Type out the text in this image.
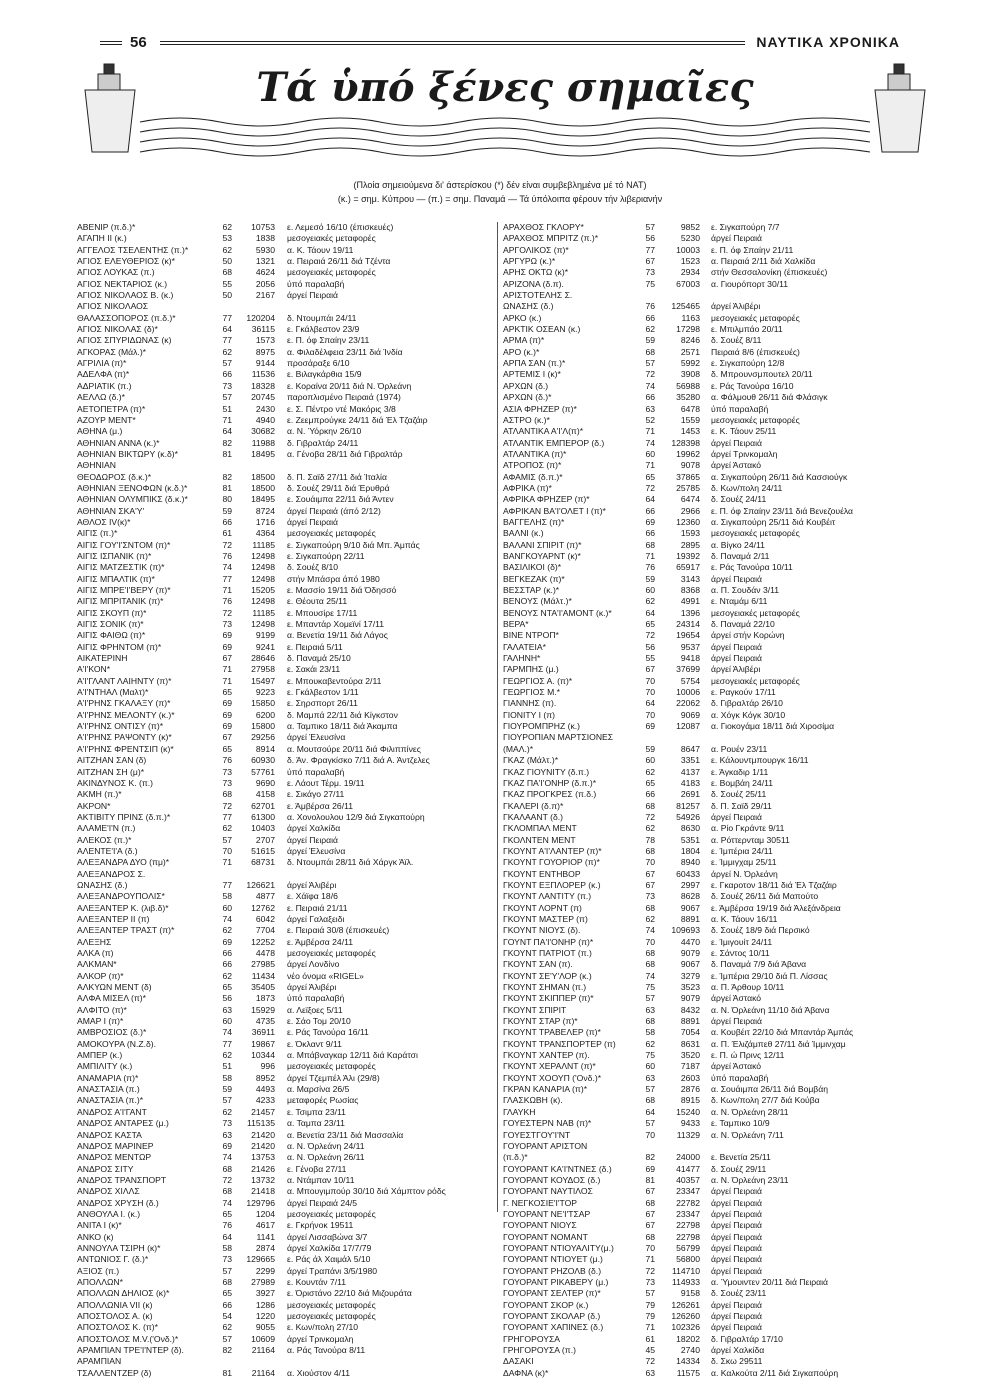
56	ΝΑΥΤΙΚΑ ΧΡΟΝΙΚΑ
Τά ὑπό ξένες σημαῖες
(Πλοία σημειούμενα δι' άστερίσκου (*) δέν είναι συμβεβλημένα μέ τό ΝΑΤ)
(κ.) = σημ. Κύπρου — (π.) = σημ. Παναμά — Τά ύπόλοιπα φέρουν τήν λιβεριανήν
ΑΒΕΝΙΡ (π.δ.)*	62	10753 ε. Λεμεσό 16/10 (έπισκευές)
ΑΓΑΠΗ ΙΙ (κ.)	53	1838 μεσογειακές μεταφορές
ΑΓΓΕΛΟΣ ΤΣΕΛΕΝΤΗΣ (π.)*	62	5930 α. Κ. Τάουν 19/11
ΑΓΙΟΣ ΕΛΕΥΘΕΡΙΟΣ (κ)*	50	1321 α. Πειραιά 26/11 διά Τζέντα
ΑΓΙΟΣ ΛΟΥΚΑΣ (π.)	68	4624 μεσογειακές μεταφορές
ΑΓΙΟΣ ΝΕΚΤΑΡΙΟΣ (κ.)	55	2056 ύπό παραλαβή
ΑΓΙΟΣ ΝΙΚΟΛΑΟΣ Β. (κ.)	50	2167 άργεί Πειραιά
ΑΓΙΟΣ ΝΙΚΟΛΑΟΣ
ΘΑΛΑΣΣΟΠΟΡΟΣ (π.δ.)*	77	120204 δ. Ντουμπάι 24/11
ΑΓΙΟΣ ΝΙΚΟΛΑΣ (δ)*	64	36115 ε. Γκάλβεστον 23/9
ΑΓΙΟΣ ΣΠΥΡΙΔΩΝΑΣ (κ)	77	1573 ε. Π. όφ Σπαίην 23/11
ΑΓΚΟΡΑΣ (Μάλ.)*	62	8975 α. Φιλαδέλφεια 23/11 διά Ίνδία
ΑΓΡΙΛΙΑ (π)*	57	9144 προσάραξε 6/10
ΑΔΕΛΦΑ (π)*	66	11536 ε. Βιλαγκάρθια 15/9
ΑΔΡΙΑΤΙΚ (π.)	73	18328 ε. Κοραίνα 20/11 διά Ν. Όρλεάνη
ΑΕΛΛΩ (δ.)*	57	20745 παροπλισμένο Πειραιά (1974)
ΑΕΤΟΠΕΤΡΑ (π)*	51	2430 ε. Σ. Πέντρο ντέ Μακόρις 3/8
ΑΖΟΥΡ ΜΕΝΤ*	71	4940 ε. Ζεεμπρούγκε 24/11 διά Έλ Τζαζάιρ
ΑΘΗΝΑ (μ.)	64	30682 α. Ν. Ύόρκην 26/10
ΑΘΗΝΙΑΝ ΑΝΝΑ (κ.)*	82	11988 δ. Γιβραλτάρ 24/11
ΑΘΗΝΙΑΝ ΒΙΚΤΩΡΥ (κ.δ)*	81	18495 α. Γένοβα 28/11 διά Γιβραλτάρ
ΑΘΗΝΙΑΝ
ΘΕΟΔΩΡΟΣ (δ.κ.)*	82	18500 δ. Π. Σαϊδ 27/11 διά Ίταλία
ΑΘΗΝΙΑΝ ΞΕΝΟΦΩΝ (κ.δ.)*	81	18500 δ. Σουέζ 29/11 διά Έρυθρά
ΑΘΗΝΙΑΝ ΟΛΥΜΠΙΚΣ (δ.κ.)*	80	18495 ε. Σουάιμπα 22/11 διά Άντεν
ΑΘΗΝΙΑΝ ΣΚΑ'Υ'	59	8724 άργεί Πειραιά (άπό 2/12)
ΑΘΛΟΣ IV(κ)*	66	1716 άργεί Πειραιά
ΑΙΓΙΣ (π.)*	61	4364 μεσογειακές μεταφορές
ΑΙΓΙΣ ΓΟΥ'Ι'ΣΝΤΟΜ (π)*	72	11185 ε. Σιγκαπούρη 9/10 διά Μπ. Άμπάς
ΑΙΓΙΣ ΙΣΠΑΝΙΚ (π)*	76	12498 ε. Σιγκαπούρη 22/11
ΑΙΓΙΣ ΜΑΤΖΕΣΤΙΚ (π)*	74	12498 δ. Σουέζ 8/10
ΑΙΓΙΣ ΜΠΑΛΤΙΚ (π)*	77	12498 στήν Μπάσρα άπό 1980
ΑΙΓΙΣ ΜΠΡΕ'Ι'ΒΕΡΥ (π)*	71	15205 ε. Μασσίο 19/11 διά Όδησσό
ΑΙΓΙΣ ΜΠΡΙΤΑΝΙΚ (π)*	76	12498 ε. Θέουτα 25/11
ΑΙΓΙΣ ΣΚΟΥΠ (π)*	72	11185 ε. Μπουσίρε 17/11
ΑΙΓΙΣ ΣΟΝΙΚ (π)*	73	12498 ε. Μπαντάρ Χομεϊνί 17/11
ΑΙΓΙΣ ΦΑΙΘΩ (π)*	69	9199 α. Βενετία 19/11 διά Λάγος
ΑΙΓΙΣ ΦΡΗΝΤΟΜ (π)*	69	9241 ε. Πειραιά 5/11
ΑΙΚΑΤΕΡΙΝΗ	67	28646 δ. Παναμά 25/10
Α'Ι'ΚΟΝ*	71	27958 ε. Σακάι 23/11
Α'Ι'ΓΛΑΝΤ ΛΑΙΗΝΤΥ (π)*	71	15497 ε. Μπουκαβεντούρα 2/11
Α'Ι'ΝΤΗΑΛ (Μαλτ)*	65	9223 ε. Γκάλβεστον 1/11
Α'Ι'ΡΗΝΣ ΓΚΑΛΑΞΥ (π)*	69	15850 ε. Σηρσπορτ 26/11
Α'Ι'ΡΗΝΣ ΜΕΛΟΝΤΥ (κ.)*	69	6200 δ. Μαμπά 22/11 διά Κίγκστον
Α'Ι'ΡΗΝΣ ΟΝΤΙΣΥ (π)*	69	15800 α. Ταμπικο 18/11 διά Άκαμπα
Α'Ι'ΡΗΝΣ ΡΑΨΟΝΤΥ (κ)*	67	29256 άργεί Έλευσίνα
Α'Ι'ΡΗΝΣ ΦΡΕΝΤΣΙΠ (κ)*	65	8914 α. Μουτσούρε 20/11 διά Φιλιππίνες
ΑΙΤΖΗΑΝ ΣΑΝ (δ)	76	60930 δ. Άν. Φραγκίσκο 7/11 διά Α. Άντζελες
ΑΙΤΖΗΑΝ ΣΗ (μ)*	73	57761 ύπό παραλαβή
ΑΚΙΝΔΥΝΟΣ Κ. (π.)	73	9690 ε. Λάουτ Τέρμ. 19/11
ΑΚΜΗ (π.)*	68	4158 ε. Σικάγο 27/11
ΑΚΡΟΝ*	72	62701 ε. Άμβέρσα 26/11
ΑΚΤΙΒΙΤΥ ΠΡΙΝΣ (δ.π.)*	77	61300 α. Χονολουλου 12/9 διά Σιγκαπούρη
ΑΛΑΜΕ'Ι'Ν (π.)	62	10403 άργεί Χαλκίδα
ΑΛΕΚΟΣ (π.)*	57	2707 άργεί Πειραιά
ΑΛΕΝΤΕ'Ι'Α (δ.)	70	51615 άργεί Έλευσίνα
ΑΛΕΞΑΝΔΡΑ ΔΥΟ (πμ)*	71	68731 δ. Ντουμπάι 28/11 διά Χάργκ Άϊλ.
ΑΛΕΞΑΝΔΡΟΣ Σ.
ΩΝΑΣΗΣ (δ.)	77	126621 άργεί Άλιβέρι
ΑΛΕΞΑΝΔΡΟΥΠΟΛΙΣ*	58	4877 ε. Χάϊφα 18/6
ΑΛΕΞΑΝΤΕΡ Κ. (λιβ.δ)*	60	12762 ε. Πειραιά 21/11
ΑΛΕΞΑΝΤΕΡ ΙΙ (π)	74	6042 άργεί Γαλαξειδι
ΑΛΕΞΑΝΤΕΡ ΤΡΑΣΤ (π)*	62	7704 ε. Πειραιά 30/8 (έπισκευές)
ΑΛΕΞΗΣ	69	12252 ε. Άμβέρσα 24/11
ΑΛΚΑ (π)	66	4478 μεσογειακές μεταφορές
ΑΛΚΜΑΝ*	66	27985 άργεί Λονδίνο
ΑΛΚΟΡ (π)*	62	11434 νέο όνομα «RIGEL»
ΑΛΚΥΩΝ ΜΕΝΤ (δ)	65	35405 άργεί Άλιβέρι
ΑΛΦΑ ΜΙΣΕΛ (π)*	56	1873 ύπό παραλαβή
ΑΛΦΙΤΟ (π)*	63	15929 α. Λεϊξοες 5/11
ΑΜΑΡ Ι (π)*	60	4735 ε. Σάο Τομ 20/10
ΑΜΒΡΟΣΙΟΣ (δ.)*	74	36911 ε. Ράς Τανούρα 16/11
ΑΜΟΚΟΥΡΑ (Ν.Ζ.δ).	77	19867 ε. Όκλαντ 9/11
ΑΜΠΕΡ (κ.)	62	10344 α. Μπάβναγκαρ 12/11 διά Καράτσι
ΑΜΠΙΛΙΤΥ (κ.)	51	996 μεσογειακές μεταφορές
ΑΝΑΜΑΡΙΑ (π)*	58	8952 άργεί Τζεμπέλ Άλι (29/8)
ΑΝΑΣΤΑΣΙΑ (π.)	59	4493 α. Μαρσίνα 26/5
ΑΝΑΣΤΑΣΙΑ (π.)*	57	4233 μεταφορές Ρωσίας
ΑΝΔΡΟΣ Α'Ι'ΓΑΝΤ	62	21457 ε. Τσιμπα 23/11
ΑΝΔΡΟΣ ΑΝΤΑΡΕΣ (μ.)	73	115135 α. Ταμπα 23/11
ΑΝΔΡΟΣ ΚΑΣΤΑ	63	21420 α. Βενετία 23/11 διά Μασσαλία
ΑΝΔΡΟΣ ΜΑΡΙΝΕΡ	69	21420 α. Ν. Όρλεάνη 24/11
ΑΝΔΡΟΣ ΜΕΝΤΩΡ	74	13753 α. Ν. Όρλεάνη 26/11
ΑΝΔΡΟΣ ΣΙΤΥ	68	21426 ε. Γένοβα 27/11
ΑΝΔΡΟΣ ΤΡΑΝΣΠΟΡΤ	72	13732 α. Ντάμπαν 10/11
ΑΝΔΡΟΣ ΧΙΛΛΣ	68	21418 α. Μπουγιμπούρ 30/10 διά Χάμπτον ρόδς
ΑΝΔΡΟΣ ΧΡΥΣΗ (δ.)	74	129796 άργεί Πειραιά 24/5
ΑΝΘΟΥΛΑ Ι. (κ.)	65	1204 μεσογειακές μεταφορές
ΑΝΙΤΑ Ι (κ)*	76	4617 ε. Γκρήνοκ 19511
ΑΝΚΟ (κ)	64	1141 άργεί Λισσαβώνα 3/7
ΑΝΝΟΥΛΑ ΤΣΙΡΗ (κ)*	58	2874 άργεί Χαλκίδα 17/7/79
ΑΝΤΩΝΙΟΣ Γ. (δ.)*	73	129665 ε. Ράς άλ Χαιμάλ 5/10
ΑΞΙΟΣ (π.)	57	2299 άργεί Τραπάνι 3/5/1980
ΑΠΟΛΛΩΝ*	68	27989 ε. Κουντάν 7/11
ΑΠΟΛΛΩΝ ΔΗΛΙΟΣ (κ)*	65	3927 ε. Όριστάνο 22/10 διά Μιζουράτα
ΑΠΟΛΛΩΝΙΑ VII (κ)	66	1286 μεσογειακές μεταφορές
ΑΠΟΣΤΟΛΟΣ Α. (κ)	54	1220 μεσογειακές μεταφορές
ΑΠΟΣΤΟΛΟΣ Κ. (π)*	62	9055 ε. Κων/πολη 27/10
ΑΠΟΣΤΟΛΟΣ Μ.V.('Ονδ.)*	57	10609 άργεί Τρινκομαλη
ΑΡΑΜΠΙΑΝ ΤΡΕ'Ι'ΝΤΕΡ (δ).	82	21164 α. Ράς Τανούρα 8/11
ΑΡΑΜΠΙΑΝ
ΤΣΑΛΛΕΝΤΖΕΡ (δ)	81	21164 α. Χιούστον 4/11
ΑΡΑΧΘΟΣ ΓΚΛΟΡΥ*	57	9852 ε. Σιγκαπούρη 7/7
ΑΡΑΧΘΟΣ ΜΠΡΙΤΖ (π.)*	56	5230 άργεί Πειραιά
ΑΡΓΟΛΙΚΟΣ (π)*	77	10003 ε. Π. όφ Σπαίην 21/11
ΑΡΓΥΡΩ (κ.)*	67	1523 α. Πειραιά 2/11 διά Χαλκίδα
ΑΡΗΣ ΟΚΤΩ (κ)*	73	2934 στήν Θεσσαλονίκη (έπισκευές)
ΑΡΙΖΟΝΑ (δ.π).	75	67003 α. Γιουρόπορτ 30/11
ΑΡΙΣΤΟΤΕΛΗΣ Σ.
ΩΝΑΣΗΣ (δ.)	76	125465 άργεί Άλιβέρι
ΑΡΚΟ (κ.)	66	1163 μεσογειακές μεταφορές
ΑΡΚΤΙΚ ΟΣΕΑΝ (κ.)	62	17298 ε. Μπιλμπάο 20/11
ΑΡΜΑ (π)*	59	8246 δ. Σουέζ 8/11
ΑΡΟ (κ.)*	68	2571 Πειραιά 8/6 (έπισκευές)
ΑΡΠΑ ΣΑΝ (π.)*	57	5992 ε. Σιγκαπούρη 12/8
ΑΡΤΕΜΙΣ Ι (κ)*	72	3908 δ. Μπρουνσμπουτελ 20/11
ΑΡΧΩΝ (δ.)	74	56988 ε. Ράς Τανούρα 16/10
ΑΡΧΩΝ (δ.)*	66	35280 α. Φάλμουθ 26/11 διά Φλάσιγκ
ΑΣΙΑ ΦΡΗΖΕΡ (π)*	63	6478 ύπό παραλαβή
ΑΣΤΡΟ (κ.)*	52	1559 μεσογειακές μεταφορές
ΑΤΛΑΝΤΙΚΑ Α'Ι'Λ(π)*	71	1453 ε. Κ. Τάουν 25/11
ΑΤΛΑΝΤΙΚ ΕΜΠΕΡΟΡ (δ.)	74	128398 άργεί Πειραιά
ΑΤΛΑΝΤΙΚΑ (π)*	60	19962 άργεί Τρινκομαλη
ΑΤΡΟΠΟΣ (π)*	71	9078 άργεί Άστακό
ΑΦΑΜΙΣ (δ.π.)*	65	37865 α. Σιγκαπούρη 26/11 διά Κασσιούγκ
ΑΦΡΙΚΑ (π)*	72	25785 δ. Κων/πολη 24/11
ΑΦΡΙΚΑ ΦΡΗΖΕΡ (π)*	64	6474 δ. Σουέζ 24/11
ΑΦΡΙΚΑΝ ΒΑ'Ι'ΟΛΕΤ Ι (π)*	66	2966 ε. Π. όφ Σπαίην 23/11 διά Βενεζουέλα
ΒΑΓΓΕΛΗΣ (π)*	69	12360 α. Σιγκαπούρη 25/11 διά Κουβέιτ
ΒΑΛΝΙ (κ.)	66	1593 μεσογειακές μεταφορές
ΒΑΛΑΝΙ ΣΠΙΡΙΤ (π)*	68	2895 α. Βίγκο 24/11
ΒΑΝΓΚΟΥΑΡΝΤ (κ)*	71	19392 δ. Παναμά 2/11
ΒΑΣΙΛΙΚΟΙ (δ)*	76	65917 ε. Ράς Τανούρα 10/11
ΒΕΓΚΕΖΑΚ (π)*	59	3143 άργεί Πειραιά
ΒΕΣΣΤΑΡ (κ.)*	60	8368 α. Π. Σουδάν 3/11
ΒΕΝΟΥΣ (Μάλτ.)*	62	4991 ε. Νταμάμ 6/11
ΒΕΝΟΥΣ ΝΤΑ'Ι'ΑΜΟΝΤ (κ.)*	64	1396 μεσογειακές μεταφορές
ΒΕΡΑ*	65	24314 δ. Παναμά 22/10
ΒΙΝΕ ΝΤΡΟΠ*	72	19654 άργεί στήν Κορώνη
ΓΑΛΑΤΕΙΑ*	56	9537 άργεί Πειραιά
ΓΑΛΗΝΗ*	55	9418 άργεί Πειραιά
ΓΑΡΜΠΗΣ (μ.)	67	37699 άργεί Άλιβέρι
ΓΕΩΡΓΙΟΣ Α. (π)*	70	5754 μεσογειακές μεταφορές
ΓΕΩΡΓΙΟΣ Μ.*	70	10006 ε. Ραγκούν 17/11
ΓΙΑΝΝΗΣ (π).	64	22062 δ. Γιβραλτάρ 26/10
ΓΙΟΝΙΤΥ Ι (π)	70	9069 α. Χόγκ Κόγκ 30/10
ΓΙΟΥΡΟΜΠΡΗΖ (κ.)	69	12087 α. Γιοκογάμα 18/11 διά Χιροσίμα
ΓΙΟΥΡΟΠΙΑΝ ΜΑΡΤΣΙΟΝΕΣ
(ΜΑΛ.)*	59	8647 α. Ρουέν 23/11
ΓΚΑΖ (Μάλτ.)*	60	3351 ε. Κάλουντμπουργκ 16/11
ΓΚΑΖ ΓΙΟΥΝΙΤΥ (δ.π.)	62	4137 ε. Άγκαδιρ 1/11
ΓΚΑΖ ΠΑ'Ι'ΟΝΗΡ (δ.π.)*	65	4183 ε. Βομβάη 24/11
ΓΚΑΖ ΠΡΟΓΚΡΕΣ (π.δ.)	66	2691 δ. Σουέζ 25/11
ΓΚΑΛΕΡΙ (δ.π)*	68	81257 δ. Π. Σαϊδ 29/11
ΓΚΑΛΑΑΝΤ (δ.)	72	54926 άργεί Πειραιά
ΓΚΛΟΜΠΑΛ ΜΕΝΤ	62	8630 α. Ρίο Γκράντε 9/11
ΓΚΟΛΝΤΕΝ ΜΕΝΤ	78	5351 α. Ρόττερνταμ 30511
ΓΚΟΥΝΤ Α'Ι'ΛΑΝΤΕΡ (π)*	68	1804 ε. Ίμπέρια 24/11
ΓΚΟΥΝΤ ΓΟΥΟΡΙΟΡ (π)*	70	8940 ε. Ίμμιγχαμ 25/11
ΓΚΟΥΝΤ ΕΝΤΗΒΟΡ	67	60433 άργεί Ν. Όρλεάνη
ΓΚΟΥΝΤ ΕΞΠΛΟΡΕΡ (κ.)	67	2997 ε. Γκαροτον 18/11 διά Έλ Τζαζάιρ
ΓΚΟΥΝΤ ΛΑΝΤΙΤΥ (π.)	73	8628 δ. Σουέζ 26/11 διά Μαπούτο
ΓΚΟΥΝΤ ΛΟΡΝΤ (π)	68	9067 ε. Άμβέρσα 19/19 διά Άλεξάνδρεια
ΓΚΟΥΝΤ ΜΑΣΤΕΡ (π)	62	8891 α. Κ. Τάουν 16/11
ΓΚΟΥΝΤ ΝΙΟΥΣ (δ).	74	109693 δ. Σουέζ 18/9 διά Περσικό
ΓΟΥΝΤ ΠΑ'Ι'ΟΝΗΡ (π)*	70	4470 ε. Ίμιγουίτ 24/11
ΓΚΟΥΝΤ ΠΑΤΡΙΟΤ (π.)	68	9079 ε. Σάντος 10/11
ΓΚΟΥΝΤ ΣΑΝ (π).	68	9067 δ. Παναμά 7/9 διά Άβανα
ΓΚΟΥΝΤ ΣΕ'Υ'ΛΟΡ (κ.)	74	3279 ε. Ίμπέρια 29/10 διά Π. Λίσσας
ΓΚΟΥΝΤ ΣΗΜΑΝ (π.)	75	3523 α. Π. Άρθουρ 10/11
ΓΚΟΥΝΤ ΣΚΙΠΠΕΡ (π)*	57	9079 άργεί Άστακό
ΓΚΟΥΝΤ ΣΠΙΡΙΤ	63	8432 α. Ν. Όρλεάνη 11/10 διά Άβανα
ΓΚΟΥΝΤ ΣΤΑΡ (π)*	68	8891 άργεί Πειραιά
ΓΚΟΥΝΤ ΤΡΑΒΕΛΕΡ (π)*	58	7054 α. Κουβέιτ 22/10 διά Μπαντάρ Άμπάς
ΓΚΟΥΝΤ ΤΡΑΝΣΠΟΡΤΕΡ (π)	62	8631 α. Π. Έλιζάμπεθ 27/11 διά Ίμμινχαμ
ΓΚΟΥΝΤ ΧΑΝΤΕΡ (π).	75	3520 ε. Π. ώ Πρινς 12/11
ΓΚΟΥΝΤ ΧΕΡΑΛΝΤ (π)*	60	7187 άργεί Άστακό
ΓΚΟΥΝΤ ΧΟΟΥΠ ('Ονδ.)*	63	2603 ύπό παραλαβή
ΓΚΡΑΝ ΚΑΝΑΡΙΑ (π)*	57	2876 α. Σουάιμπα 26/11 διά Βομβάη
ΓΛΑΣΚΩΒΗ (κ).	68	8915 δ. Κων/πολη 27/7 διά Κούβα
ΓΛΑΥΚΗ	64	15240 α. Ν. Όρλεάνη 28/11
ΓΟΥΕΣΤΕΡΝ ΝΑΒ (π)*	57	9433 ε. Ταμπικο 10/9
ΓΟΥΕΣΤΓΟΥ'Ι'ΝΤ	70	11329 α. Ν. Όρλεάνη 7/11
ΓΟΥΟΡΑΝΤ ΑΡΙΣΤΟΝ
(π.δ.)*	82	24000 ε. Βενετία 25/11
ΓΟΥΟΡΑΝΤ ΚΑ'Ι'ΝΤΝΕΣ (δ.)	69	41477 δ. Σουέζ 29/11
ΓΟΥΟΡΑΝΤ ΚΟΥΔΟΣ (δ.)	81	40357 α. Ν. Όρλεάνη 23/11
ΓΟΥΟΡΑΝΤ ΝΑΥΤΙΛΟΣ	67	23347 άργεί Πειραιά
Γ. ΝΕΓΚΟΣΙΕ'Ι'ΤΟΡ	68	22782 άργεί Πειραιά
ΓΟΥΟΡΑΝΤ ΝΕ'Ι'ΤΣΑΡ	67	23347 άργεί Πειραιά
ΓΟΥΟΡΑΝΤ ΝΙΟΥΣ	67	22798 άργεί Πειραιά
ΓΟΥΟΡΑΝΤ ΝΟΜΑΝΤ	68	22798 άργεί Πειραιά
ΓΟΥΟΡΑΝΤ ΝΤΙΟΥΑΛΙΤΥ(μ.)	70	56799 άργεί Πειραιά
ΓΟΥΟΡΑΝΤ ΝΤΙΟΥΕΤ (μ.)	71	56800 άργεί Πειραιά
ΓΟΥΟΡΑΝΤ ΡΗΖΟΛΒ (δ.)	72	114710 άργεί Πειραιά
ΓΟΥΟΡΑΝΤ ΡΙΚΑΒΕΡΥ (μ.)	73	114933 α. Ύμουιντεν 20/11 διά Πειραιά
ΓΟΥΟΡΑΝΤ ΣΕΛΤΕΡ (π)*	57	9158 δ. Σουέζ 23/11
ΓΟΥΟΡΑΝΤ ΣΚΟΡ (κ.)	79	126261 άργεί Πειραιά
ΓΟΥΟΡΑΝΤ ΣΚΟΛΑΡ (δ.)	79	126260 άργεί Πειραιά
ΓΟΥΟΡΑΝΤ ΧΑΠΙΝΕΣ (δ.)	71	102326 άργεί Πειραιά
ΓΡΗΓΟΡΟΥΣΑ	61	18202 δ. Γιβραλτάρ 17/10
ΓΡΗΓΟΡΟΥΣΑ (π.)	45	2740 άργεί Χαλκίδα
ΔΑΣΑΚΙ	72	14334 δ. Σκω 29511
ΔΑΦΝΑ (κ)*	63	11575 α. Καλκούτα 2/11 διά Σιγκαπούρη
